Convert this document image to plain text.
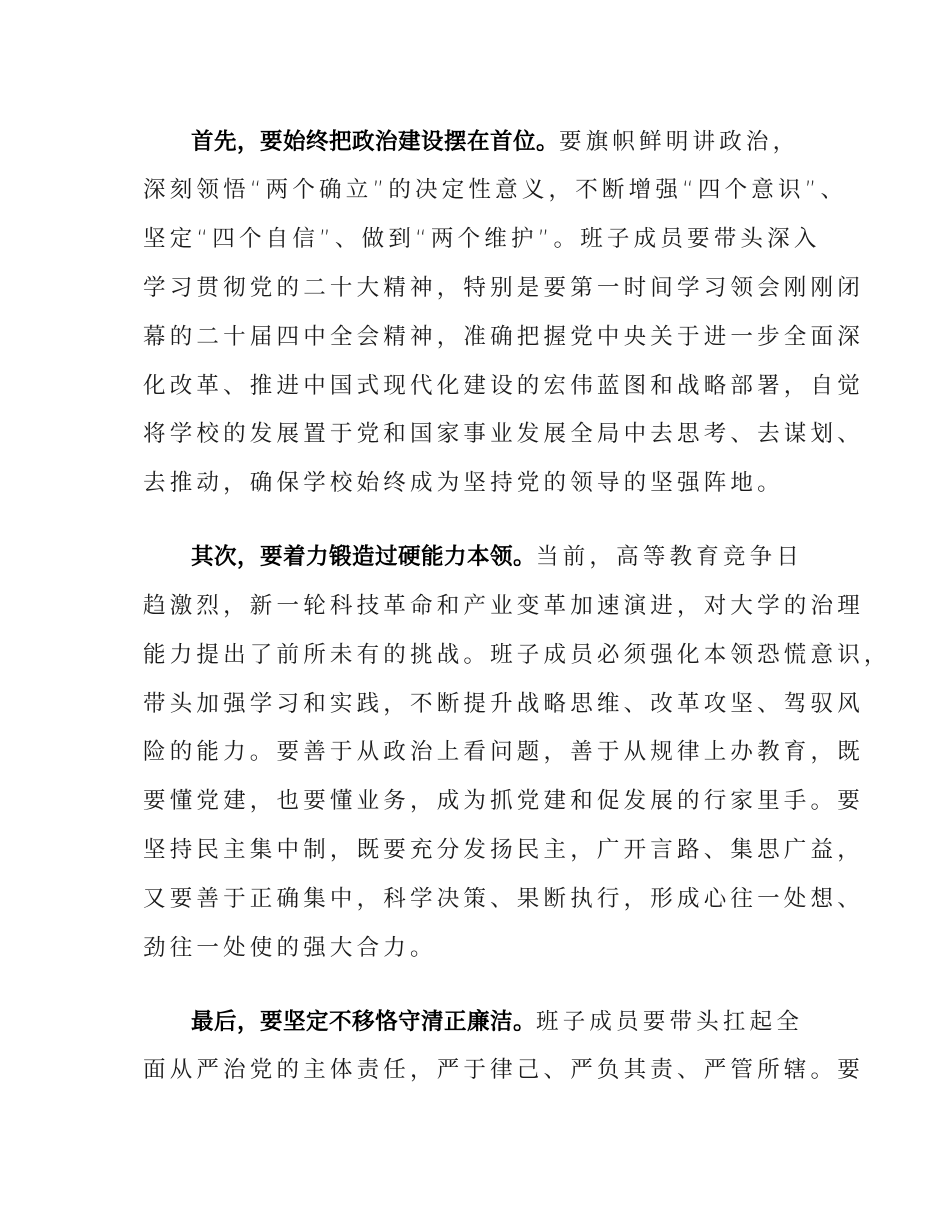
首先，要始终把政治建设摆在首位。要旗帜鲜明讲政治，
深刻领悟“两个确立”的决定性意义，不断增强“四个意识”、
坚定“四个自信”、做到“两个维护”。班子成员要带头深入
学习贯彻党的二十大精神，特别是要第一时间学习领会刚刚闭
幕的二十届四中全会精神，准确把握党中央关于进一步全面深
化改革、推进中国式现代化建设的宏伟蓝图和战略部署，自觉
将学校的发展置于党和国家事业发展全局中去思考、去谋划、
去推动，确保学校始终成为坚持党的领导的坚强阵地。
其次，要着力锻造过硬能力本领。当前，高等教育竞争日
趋激烈，新一轮科技革命和产业变革加速演进，对大学的治理
能力提出了前所未有的挑战。班子成员必须强化本领恐慌意识，
带头加强学习和实践，不断提升战略思维、改革攻坚、驾驭风
险的能力。要善于从政治上看问题，善于从规律上办教育，既
要懂党建，也要懂业务，成为抓党建和促发展的行家里手。要
坚持民主集中制，既要充分发扬民主，广开言路、集思广益，
又要善于正确集中，科学决策、果断执行，形成心往一处想、
劲往一处使的强大合力。
最后，要坚定不移恪守清正廉洁。班子成员要带头扛起全
面从严治党的主体责任，严于律己、严负其责、严管所辖。要
